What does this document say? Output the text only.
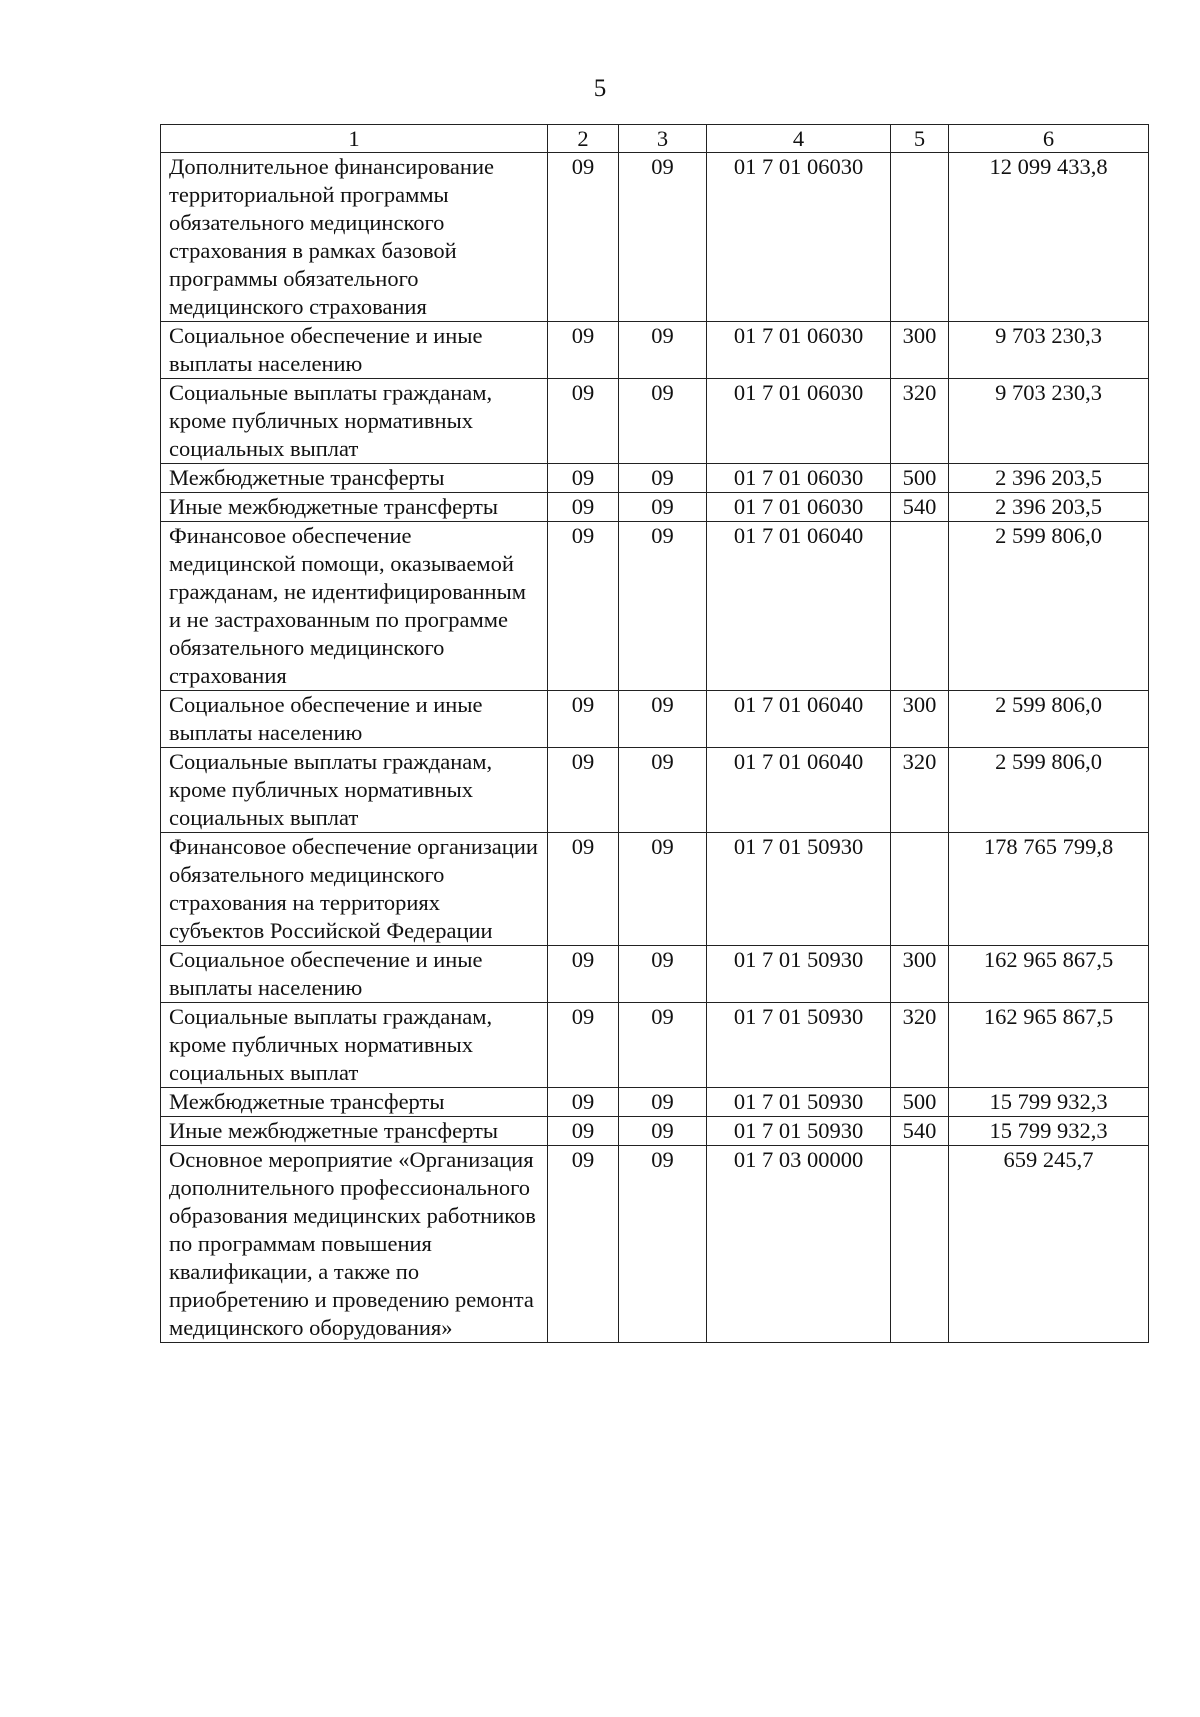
5
1	2	3	4	5	6
Дополнительное финансирование территориальной программы обязательного медицинского страхования в рамках базовой программы обязательного медицинского страхования	09	09	01 7 01 06030		12 099 433,8
Социальное обеспечение и иные выплаты населению	09	09	01 7 01 06030	300	9 703 230,3
Социальные выплаты гражданам, кроме публичных нормативных социальных выплат	09	09	01 7 01 06030	320	9 703 230,3
Межбюджетные трансферты	09	09	01 7 01 06030	500	2 396 203,5
Иные межбюджетные трансферты	09	09	01 7 01 06030	540	2 396 203,5
Финансовое обеспечение медицинской помощи, оказываемой гражданам, не идентифицированным и не застрахованным по программе обязательного медицинского страхования	09	09	01 7 01 06040		2 599 806,0
Социальное обеспечение и иные выплаты населению	09	09	01 7 01 06040	300	2 599 806,0
Социальные выплаты гражданам, кроме публичных нормативных социальных выплат	09	09	01 7 01 06040	320	2 599 806,0
Финансовое обеспечение организации обязательного медицинского страхования на территориях субъектов Российской Федерации	09	09	01 7 01 50930		178 765 799,8
Социальное обеспечение и иные выплаты населению	09	09	01 7 01 50930	300	162 965 867,5
Социальные выплаты гражданам, кроме публичных нормативных социальных выплат	09	09	01 7 01 50930	320	162 965 867,5
Межбюджетные трансферты	09	09	01 7 01 50930	500	15 799 932,3
Иные межбюджетные трансферты	09	09	01 7 01 50930	540	15 799 932,3
Основное мероприятие «Организация дополнительного профессионального образования медицинских работников по программам повышения квалификации, а также по приобретению и проведению ремонта медицинского оборудования»	09	09	01 7 03 00000		659 245,7
